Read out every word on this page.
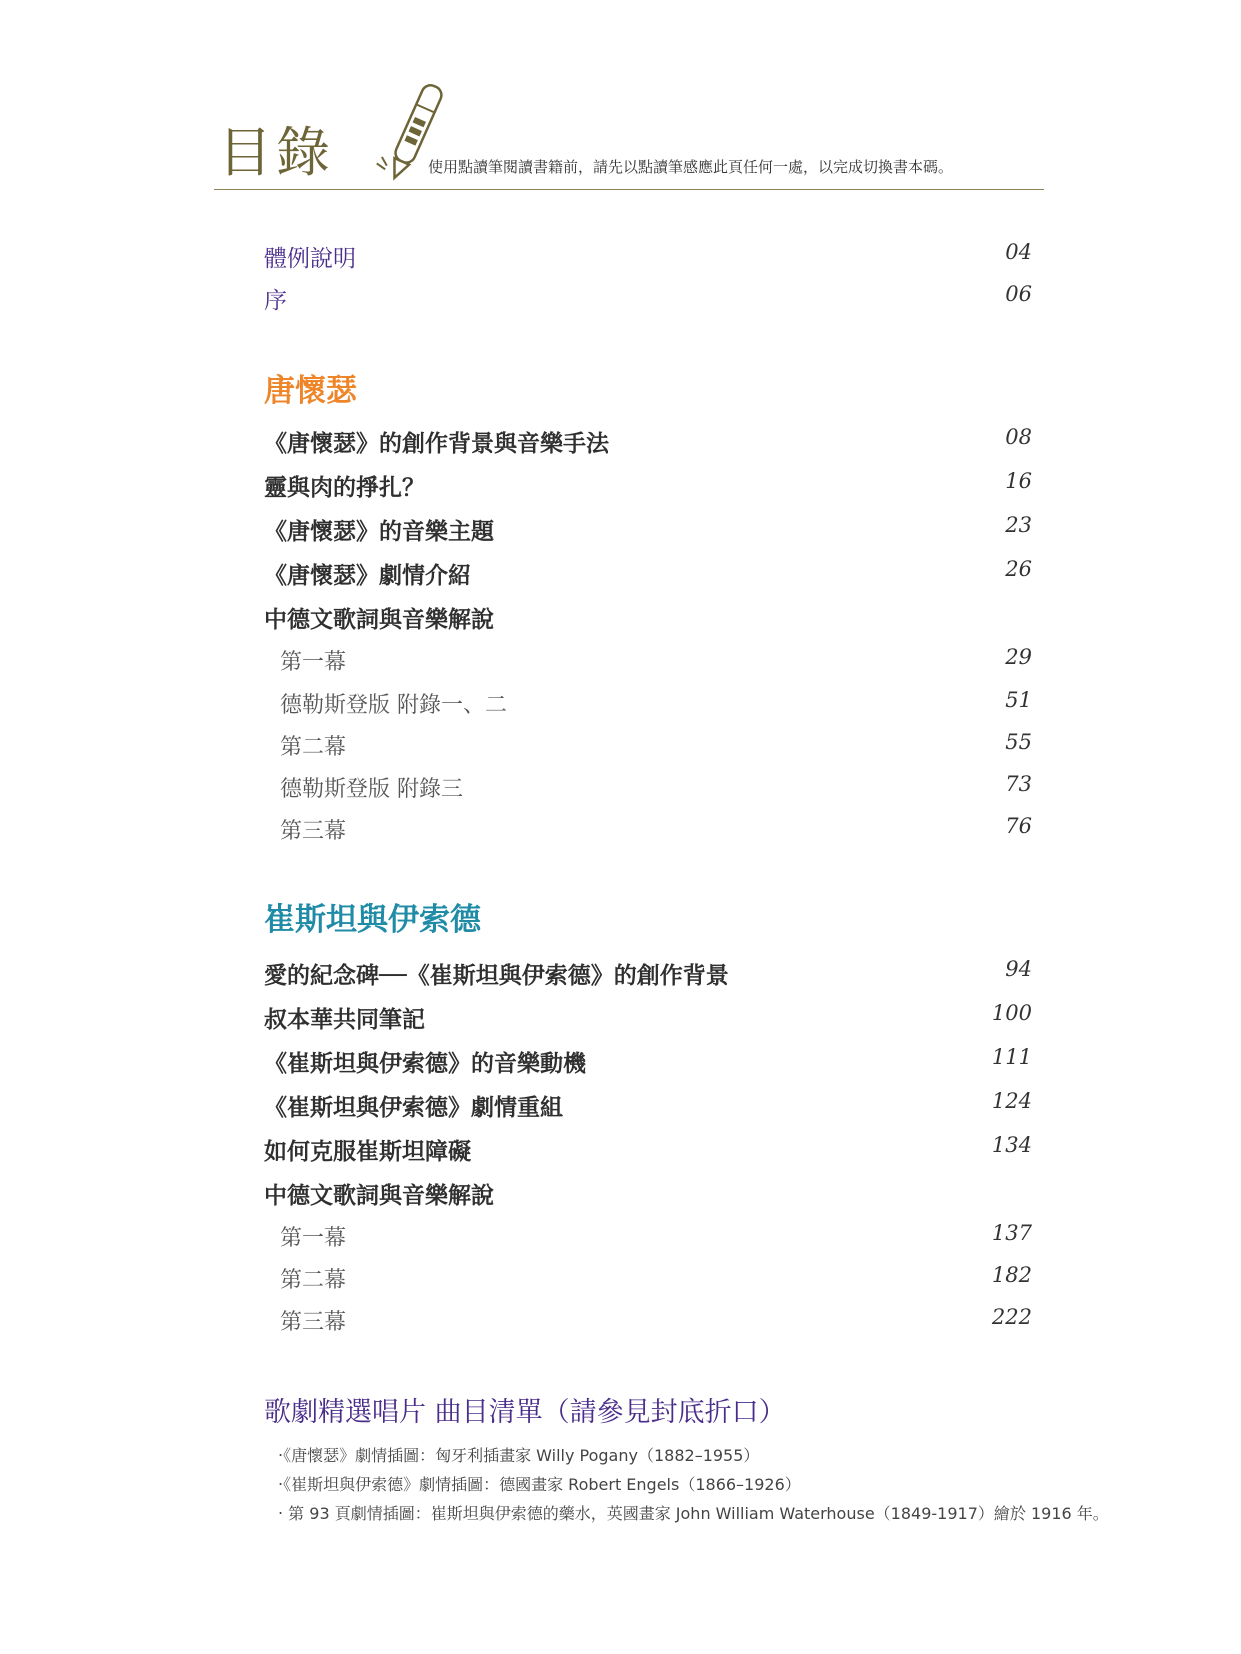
目錄	使用點讀筆閱讀書籍前，請先以點讀筆感應此頁任何一處，以完成切換書本碼。
體例說明	04
序	06
唐懷瑟
《唐懷瑟》的創作背景與音樂手法	08
靈與肉的掙扎？	16
《唐懷瑟》的音樂主題	23
《唐懷瑟》劇情介紹	26
中德文歌詞與音樂解說
第一幕	29
德勒斯登版 附錄一、二	51
第二幕	55
德勒斯登版 附錄三	73
第三幕	76
崔斯坦與伊索德
愛的紀念碑──《崔斯坦與伊索德》的創作背景	94
叔本華共同筆記	100
《崔斯坦與伊索德》的音樂動機	111
《崔斯坦與伊索德》劇情重組	124
如何克服崔斯坦障礙	134
中德文歌詞與音樂解說
第一幕	137
第二幕	182
第三幕	222
歌劇精選唱片 曲目清單（請參見封底折口）
‧《唐懷瑟》劇情插圖：匈牙利插畫家 Willy Pogany（1882–1955）
‧《崔斯坦與伊索德》劇情插圖：德國畫家 Robert Engels（1866–1926）
‧ 第 93 頁劇情插圖：崔斯坦與伊索德的藥水，英國畫家 John William Waterhouse（1849-1917）繪於 1916 年。
